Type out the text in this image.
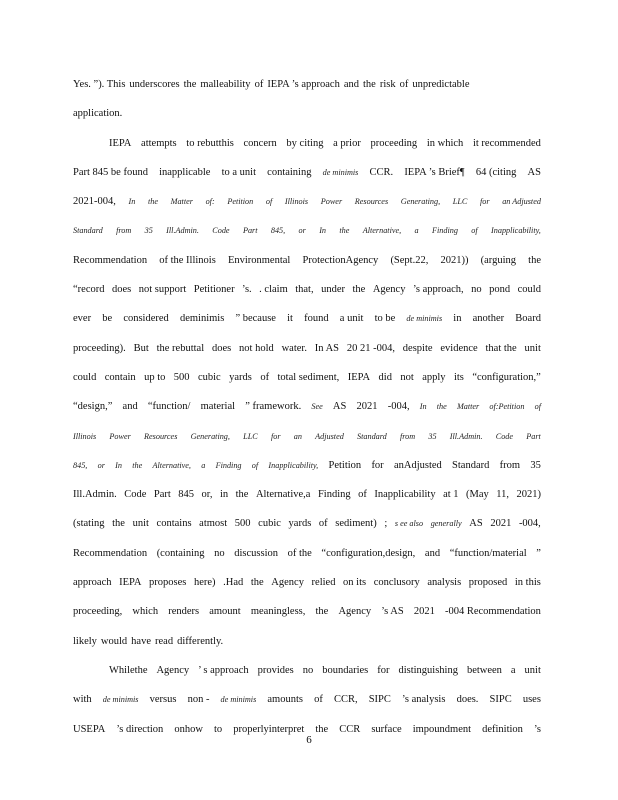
Yes. ”). This underscores the malleability of IEPA ’s approach and the risk of unpredictable
application.
IEPA attempts to rebutthis concern by citing a prior proceeding in which it recommended
Part 845 be found inapplicable to a unit containing de minimis CCR. IEPA ’s Brief¶ 64 (citing AS
2021-004, In the Matter of: Petition of Illinois Power Resources Generating, LLC for an Adjusted
Standard from 35 Ill.Admin. Code Part 845, or In the Alternative, a Finding of Inapplicability,
Recommendation of the Illinois Environmental ProtectionAgency (Sept.22, 2021)) (arguing the
“record does not support Petitioner ’s. . claim that, under the Agency ’s approach, no pond could
ever be considered deminimis ” because it found a unit to be de minimis in another Board
proceeding). But the rebuttal does not hold water. In AS 20 21 -004, despite evidence that the unit
could contain up to 500 cubic yards of total sediment, IEPA did not apply its “configuration,”
“design,” and “function/ material ” framework. See AS 2021 -004, In the Matter of:Petition of
Illinois Power Resources Generating, LLC for an Adjusted Standard from 35 Ill.Admin. Code Part
845, or In the Alternative, a Finding of Inapplicability, Petition for anAdjusted Standard from 35
Ill.Admin. Code Part 845 or, in the Alternative,a Finding of Inapplicability at 1 (May 11, 2021)
(stating the unit contains atmost 500 cubic yards of sediment) ; s ee also generally AS 2021 -004,
Recommendation (containing no discussion of the “configuration,design, and “function/material ”
approach IEPA proposes here) .Had the Agency relied on its conclusory analysis proposed in this
proceeding, which renders amount meaningless, the Agency ’s AS 2021 -004 Recommendation
likely would have read differently.
Whilethe Agency ’ s approach provides no boundaries for distinguishing between a unit
with de minimis versus non - de minimis amounts of CCR, SIPC ’s analysis does. SIPC uses
USEPA ’s direction onhow to properlyinterpret the CCR surface impoundment definition ’s
6
